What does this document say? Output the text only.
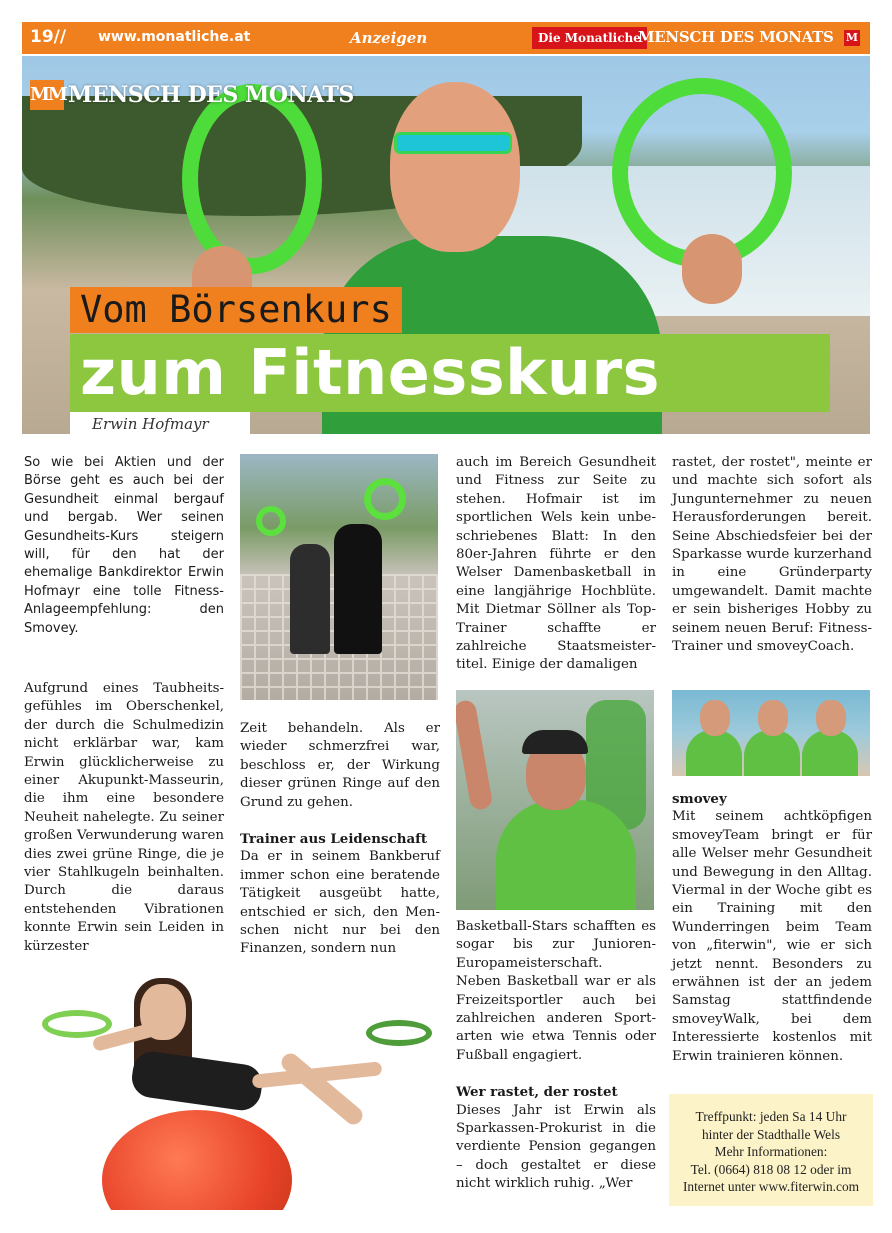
19// www.monatliche.at	Anzeigen	Die Monatliche
MENSCH DES MONATS M
MM MENSCH DES MONATS
Vom Börsenkurs
zum Fitnesskurs
Erwin Hofmayr

So wie bei Aktien und der Börse geht es auch bei der Gesundheit einmal bergauf und bergab. Wer seinen Gesundheits-Kurs steigern will, für den hat der ehemalige Bankdirektor Erwin Hofmayr eine tolle Fitness-Anlageempfehlung: den Smovey.

Aufgrund eines Taubheitsgefühles im Oberschenkel, der durch die Schulmedizin nicht erklärbar war, kam Erwin glücklicherweise zu einer Akupunkt-Masseurin, die ihm eine besondere Neuheit nahelegte. Zu seiner großen Verwunderung waren dies zwei grüne Ringe, die je vier Stahlkugeln beinhalten. Durch die daraus entstehenden Vibrationen konnte Erwin sein Leiden in kürzester

Zeit behandeln. Als er wieder schmerzfrei war, beschloss er, der Wirkung dieser grünen Ringe auf den Grund zu gehen.

Trainer aus Leidenschaft

Da er in seinem Bankberuf immer schon eine beratende Tätigkeit ausgeübt hatte, entschied er sich, den Men-schen nicht nur bei den Finanzen, sondern nun

auch im Bereich Gesundheit und Fitness zur Seite zu stehen. Hofmair ist im sportlichen Wels kein unbeschriebenes Blatt: In den 80er-Jahren führte er den Welser Damenbasketball in eine langjährige Hochblüte. Mit Dietmar Söllner als Top-Trainer schaffte er zahlreiche Staatsmeistertitel. Einige der damaligen

Basketball-Stars schafften es sogar bis zur Junioren-Europameisterschaft.

Neben Basketball war er als Freizeitsportler auch bei zahlreichen anderen Sportarten wie etwa Tennis oder Fußball engagiert.

Wer rastet, der rostet

Dieses Jahr ist Erwin als Sparkassen-Prokurist in die verdiente Pension gegangen – doch gestaltet er diese nicht wirklich ruhig. „Wer

rastet, der rostet", meinte er und machte sich sofort als Jungunternehmer zu neuen Herausforderungen bereit. Seine Abschiedsfeier bei der Sparkasse wurde kurzerhand in eine Gründerparty umgewandelt. Damit machte er sein bisheriges Hobby zu seinem neuen Beruf: Fitness-Trainer und smoveyCoach.

smovey

Mit seinem achtköpfigen smoveyTeam bringt er für alle Welser mehr Gesundheit und Bewegung in den Alltag. Viermal in der Woche gibt es ein Training mit den Wunderringen beim Team von „fiterwin", wie er sich jetzt nennt. Besonders zu erwähnen ist der an jedem Samstag stattfindende smoveyWalk, bei dem Interessierte kostenlos mit Erwin trainieren können.

Treffpunkt: jeden Sa 14 Uhr
hinter der Stadthalle Wels
Mehr Informationen:
Tel. (0664) 818 08 12 oder im
Internet unter www.fiterwin.com
